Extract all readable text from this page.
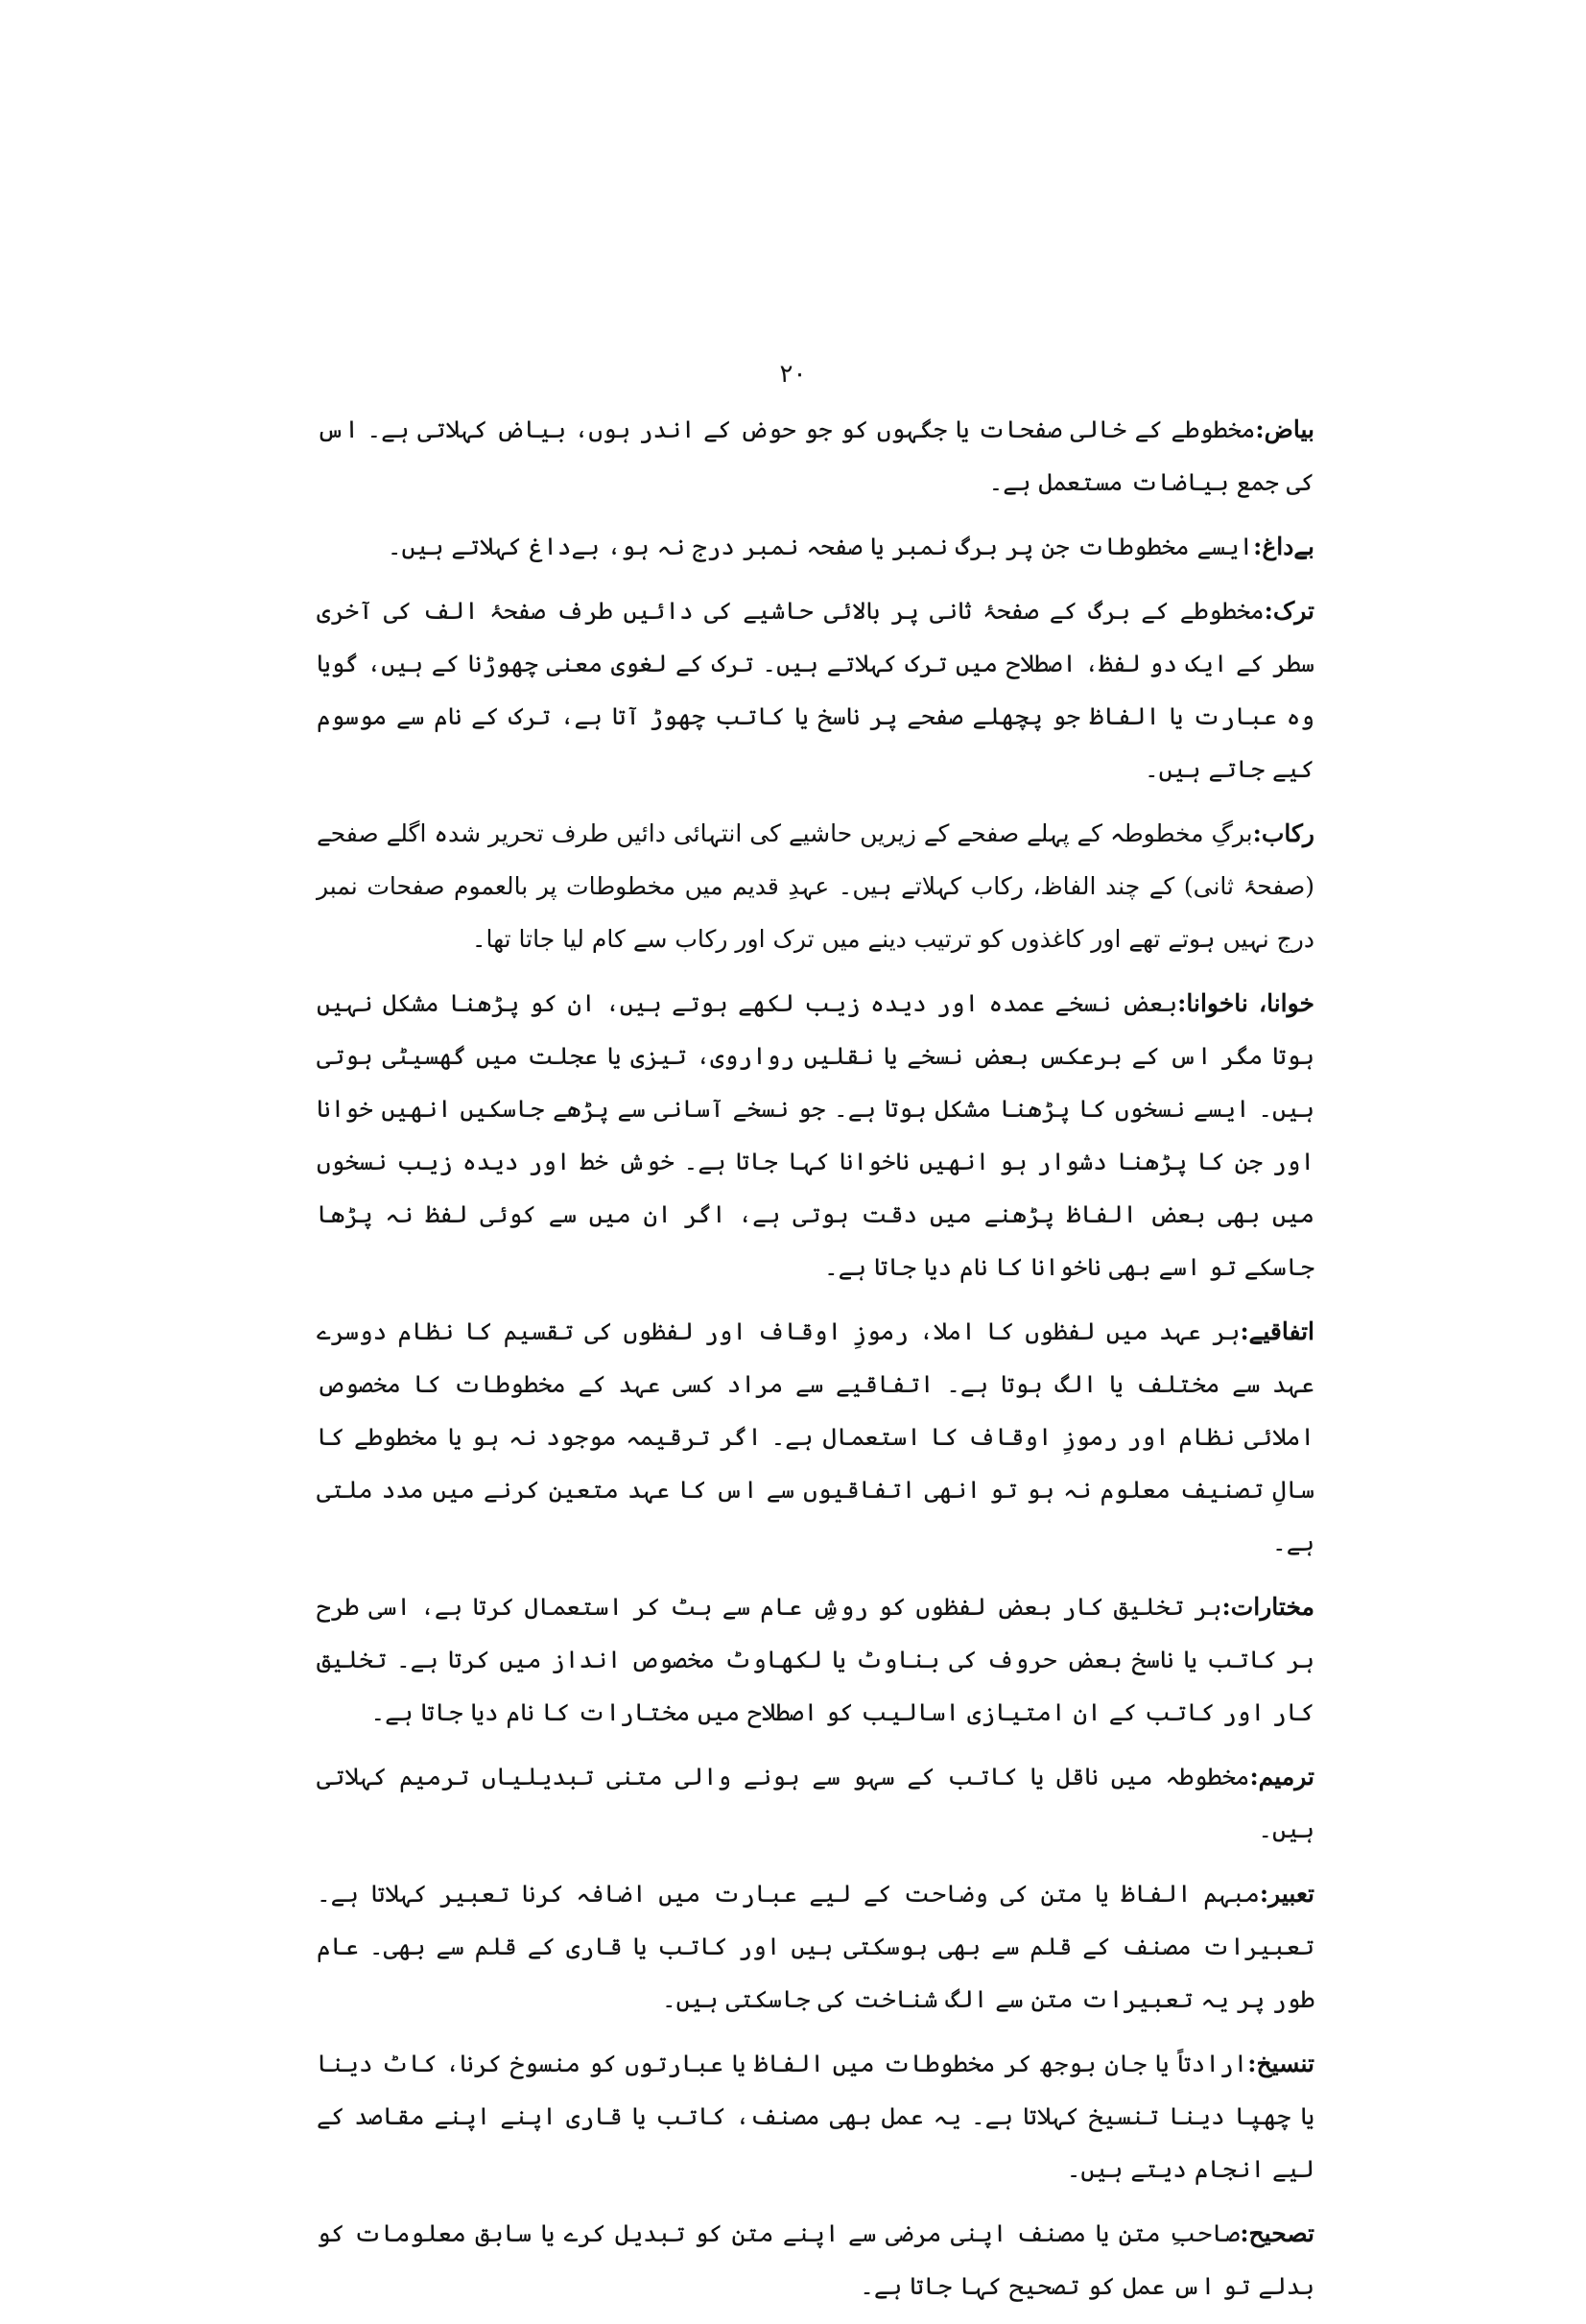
۲۰

بیاض:مخطوطے کے خالی صفحات یا جگہوں کو جو حوض کے اندر ہوں، بیاض کہلاتی ہے۔ اس کی جمع بیاضات مستعمل ہے۔

بےداغ:ایسے مخطوطات جن پر برگ نمبر یا صفحہ نمبر درج نہ ہو، بےداغ کہلاتے ہیں۔

ترک:مخطوطے کے برگ کے صفحۂ ثانی پر بالائی حاشیے کی دائیں طرف صفحۂ الف کی آخری سطر کے ایک دو لفظ، اصطلاح میں ترک کہلاتے ہیں۔ ترک کے لغوی معنی چھوڑنا کے ہیں، گویا وہ عبارت یا الفاظ جو پچھلے صفحے پر ناسخ یا کاتب چھوڑ آتا ہے، ترک کے نام سے موسوم کیے جاتے ہیں۔

رکاب:برگِ مخطوطہ کے پہلے صفحے کے زیریں حاشیے کی انتہائی دائیں طرف تحریر شدہ اگلے صفحے (صفحۂ ثانی) کے چند الفاظ، رکاب کہلاتے ہیں۔ عہدِ قدیم میں مخطوطات پر بالعموم صفحات نمبر درج نہیں ہوتے تھے اور کاغذوں کو ترتیب دینے میں ترک اور رکاب سے کام لیا جاتا تھا۔

خوانا، ناخوانا:بعض نسخے عمدہ اور دیدہ زیب لکھے ہوتے ہیں، ان کو پڑھنا مشکل نہیں ہوتا مگر اس کے برعکس بعض نسخے یا نقلیں رواروی، تیزی یا عجلت میں گھسیٹی ہوتی ہیں۔ ایسے نسخوں کا پڑھنا مشکل ہوتا ہے۔ جو نسخے آسانی سے پڑھے جاسکیں انھیں خوانا اور جن کا پڑھنا دشوار ہو انھیں ناخوانا کہا جاتا ہے۔ خوش خط اور دیدہ زیب نسخوں میں بھی بعض الفاظ پڑھنے میں دقت ہوتی ہے، اگر ان میں سے کوئی لفظ نہ پڑھا جاسکے تو اسے بھی ناخوانا کا نام دیا جاتا ہے۔

اتفاقیے:ہر عہد میں لفظوں کا املا، رموزِ اوقاف اور لفظوں کی تقسیم کا نظام دوسرے عہد سے مختلف یا الگ ہوتا ہے۔ اتفاقیے سے مراد کسی عہد کے مخطوطات کا مخصوص املائی نظام اور رموزِ اوقاف کا استعمال ہے۔ اگر ترقیمہ موجود نہ ہو یا مخطوطے کا سالِ تصنیف معلوم نہ ہو تو انھی اتفاقیوں سے اس کا عہد متعین کرنے میں مدد ملتی ہے۔

مختارات:ہر تخلیق کار بعض لفظوں کو روشِ عام سے ہٹ کر استعمال کرتا ہے، اسی طرح ہر کاتب یا ناسخ بعض حروف کی بناوٹ یا لکھاوٹ مخصوص انداز میں کرتا ہے۔ تخلیق کار اور کاتب کے ان امتیازی اسالیب کو اصطلاح میں مختارات کا نام دیا جاتا ہے۔

ترمیم:مخطوطہ میں ناقل یا کاتب کے سہو سے ہونے والی متنی تبدیلیاں ترمیم کہلاتی ہیں۔

تعبیر:مبہم الفاظ یا متن کی وضاحت کے لیے عبارت میں اضافہ کرنا تعبیر کہلاتا ہے۔ تعبیرات مصنف کے قلم سے بھی ہوسکتی ہیں اور کاتب یا قاری کے قلم سے بھی۔ عام طور پر یہ تعبیرات متن سے الگ شناخت کی جاسکتی ہیں۔

تنسیخ:ارادتاً یا جان بوجھ کر مخطوطات میں الفاظ یا عبارتوں کو منسوخ کرنا، کاٹ دینا یا چھپا دینا تنسیخ کہلاتا ہے۔ یہ عمل بھی مصنف، کاتب یا قاری اپنے اپنے مقاصد کے لیے انجام دیتے ہیں۔

تصحیح:صاحبِ متن یا مصنف اپنی مرضی سے اپنے متن کو تبدیل کرے یا سابق معلومات کو بدلے تو اس عمل کو تصحیح کہا جاتا ہے۔
